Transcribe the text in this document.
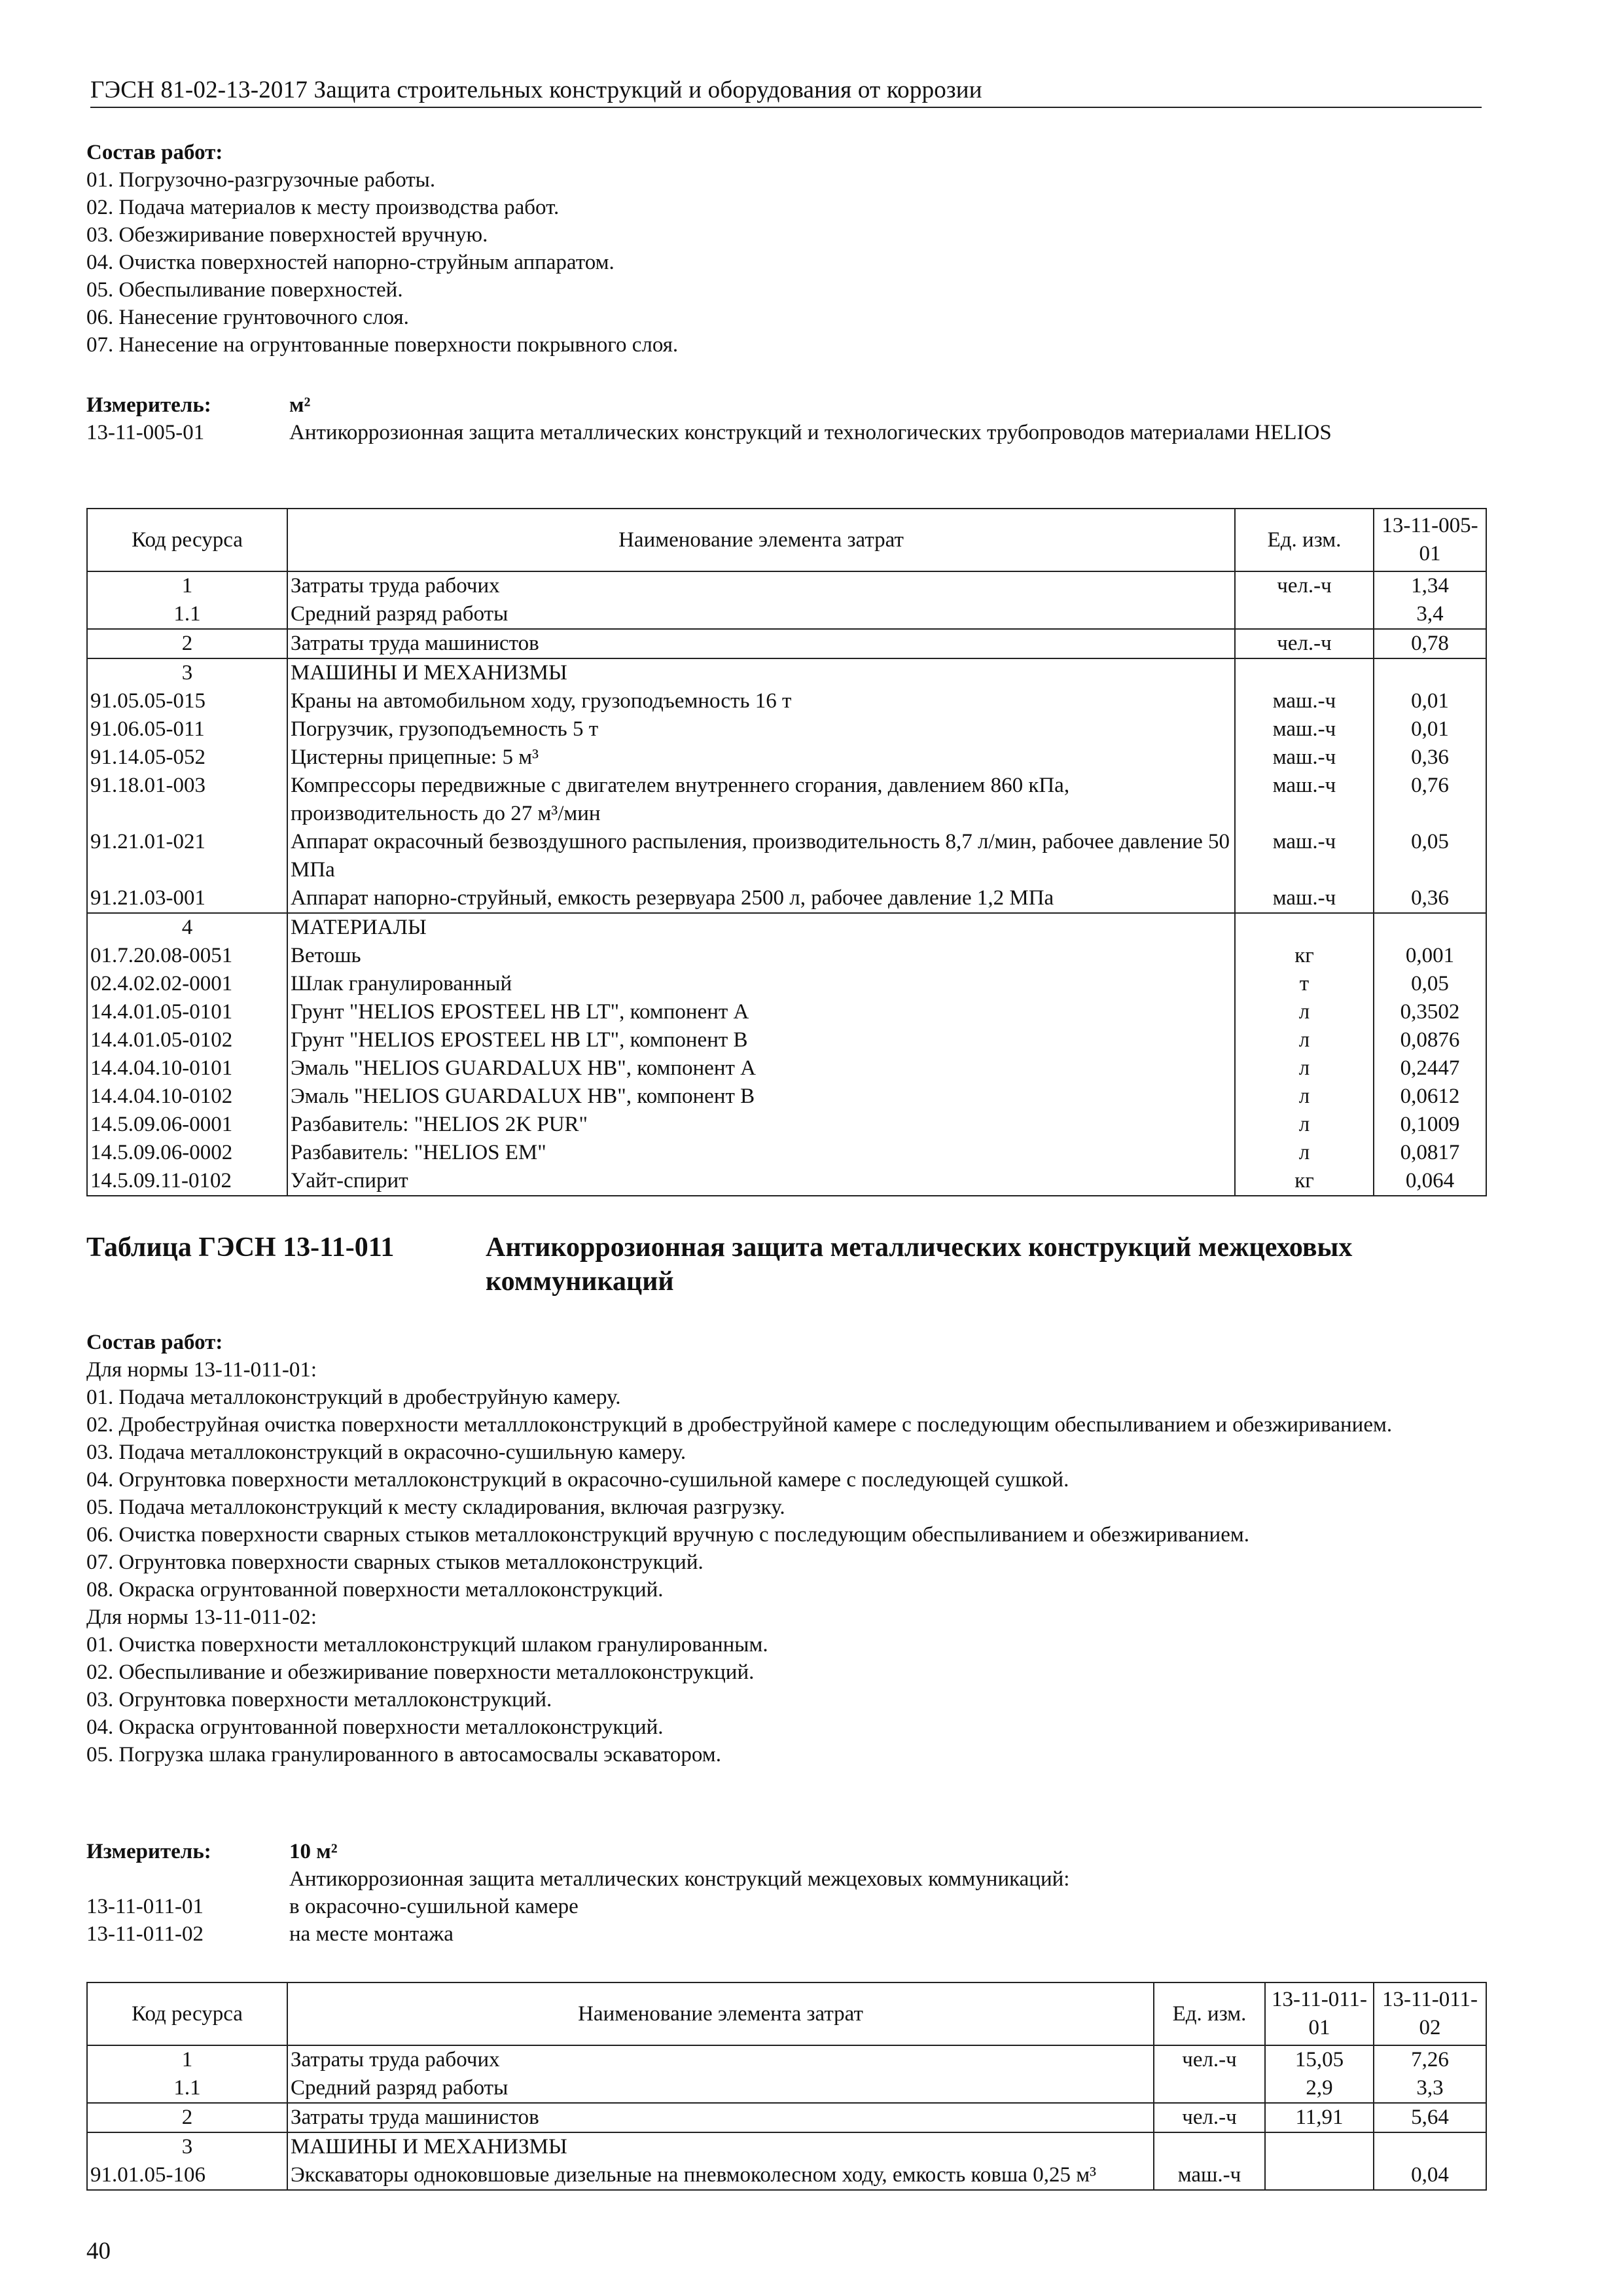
ГЭСН 81-02-13-2017 Защита строительных конструкций и оборудования от коррозии

Состав работ:

01. Погрузочно-разгрузочные работы.

02. Подача материалов к месту производства работ.

03. Обезжиривание поверхностей вручную.

04. Очистка поверхностей напорно-струйным аппаратом.

05. Обеспыливание поверхностей.

06. Нанесение грунтовочного слоя.

07. Нанесение на огрунтованные поверхности покрывного слоя.

Измеритель:	м²
13-11-005-01	Антикоррозионная защита металлических конструкций и технологических трубопроводов материалами HELIOS
Код ресурса	Наименование элемента затрат	Ед. изм.	13-11-005-01
1	Затраты труда рабочих	чел.-ч	1,34
1.1	Средний разряд работы		3,4
2	Затраты труда машинистов	чел.-ч	0,78
3	МАШИНЫ И МЕХАНИЗМЫ		
91.05.05-015	Краны на автомобильном ходу, грузоподъемность 16 т	маш.-ч	0,01
91.06.05-011	Погрузчик, грузоподъемность 5 т	маш.-ч	0,01
91.14.05-052	Цистерны прицепные: 5 м³	маш.-ч	0,36
91.18.01-003	Компрессоры передвижные с двигателем внутреннего сгорания, давлением 860 кПа, производительность до 27 м³/мин	маш.-ч	0,76
91.21.01-021	Аппарат окрасочный безвоздушного распыления, производительность 8,7 л/мин, рабочее давление 50 МПа	маш.-ч	0,05
91.21.03-001	Аппарат напорно-струйный, емкость резервуара 2500 л, рабочее давление 1,2 МПа	маш.-ч	0,36
4	МАТЕРИАЛЫ		
01.7.20.08-0051	Ветошь	кг	0,001
02.4.02.02-0001	Шлак гранулированный	т	0,05
14.4.01.05-0101	Грунт "HELIOS EPOSTEEL HB LT", компонент А	л	0,3502
14.4.01.05-0102	Грунт "HELIOS EPOSTEEL HB LT", компонент В	л	0,0876
14.4.04.10-0101	Эмаль "HELIOS GUARDALUX HB", компонент А	л	0,2447
14.4.04.10-0102	Эмаль "HELIOS GUARDALUX HB", компонент В	л	0,0612
14.5.09.06-0001	Разбавитель: "HELIOS 2K PUR"	л	0,1009
14.5.09.06-0002	Разбавитель: "HELIOS EM"	л	0,0817
14.5.09.11-0102	Уайт-спирит	кг	0,064
Таблица ГЭСН 13-11-011	Антикоррозионная защита металлических конструкций межцеховых коммуникаций

Состав работ:

Для нормы 13-11-011-01:

01. Подача металлоконструкций в дробеструйную камеру.

02. Дробеструйная очистка поверхности металллоконструкций в дробеструйной камере с последующим обеспыливанием и обезжириванием.

03. Подача металлоконструкций в окрасочно-сушильную камеру.

04. Огрунтовка поверхности металлоконструкций в окрасочно-сушильной камере с последующей сушкой.

05. Подача металлоконструкций к месту складирования, включая разгрузку.

06. Очистка поверхности сварных стыков металлоконструкций вручную с последующим обеспыливанием и обезжириванием.

07. Огрунтовка поверхности сварных стыков металлоконструкций.

08. Окраска огрунтованной поверхности металлоконструкций.

Для нормы 13-11-011-02:

01. Очистка поверхности металлоконструкций шлаком гранулированным.

02. Обеспыливание и обезжиривание поверхности металлоконструкций.

03. Огрунтовка поверхности металлоконструкций.

04. Окраска огрунтованной поверхности металлоконструкций.

05. Погрузка шлака гранулированного в автосамосвалы эскаватором.

Измеритель:	10 м²
Антикоррозионная защита металлических конструкций межцеховых коммуникаций:
13-11-011-01	в окрасочно-сушильной камере
13-11-011-02	на месте монтажа
Код ресурса	Наименование элемента затрат	Ед. изм.	13-11-011-01	13-11-011-02
1	Затраты труда рабочих	чел.-ч	15,05	7,26
1.1	Средний разряд работы		2,9	3,3
2	Затраты труда машинистов	чел.-ч	11,91	5,64
3	МАШИНЫ И МЕХАНИЗМЫ			
91.01.05-106	Экскаваторы одноковшовые дизельные на пневмоколесном ходу, емкость ковша 0,25 м³	маш.-ч		0,04
40
